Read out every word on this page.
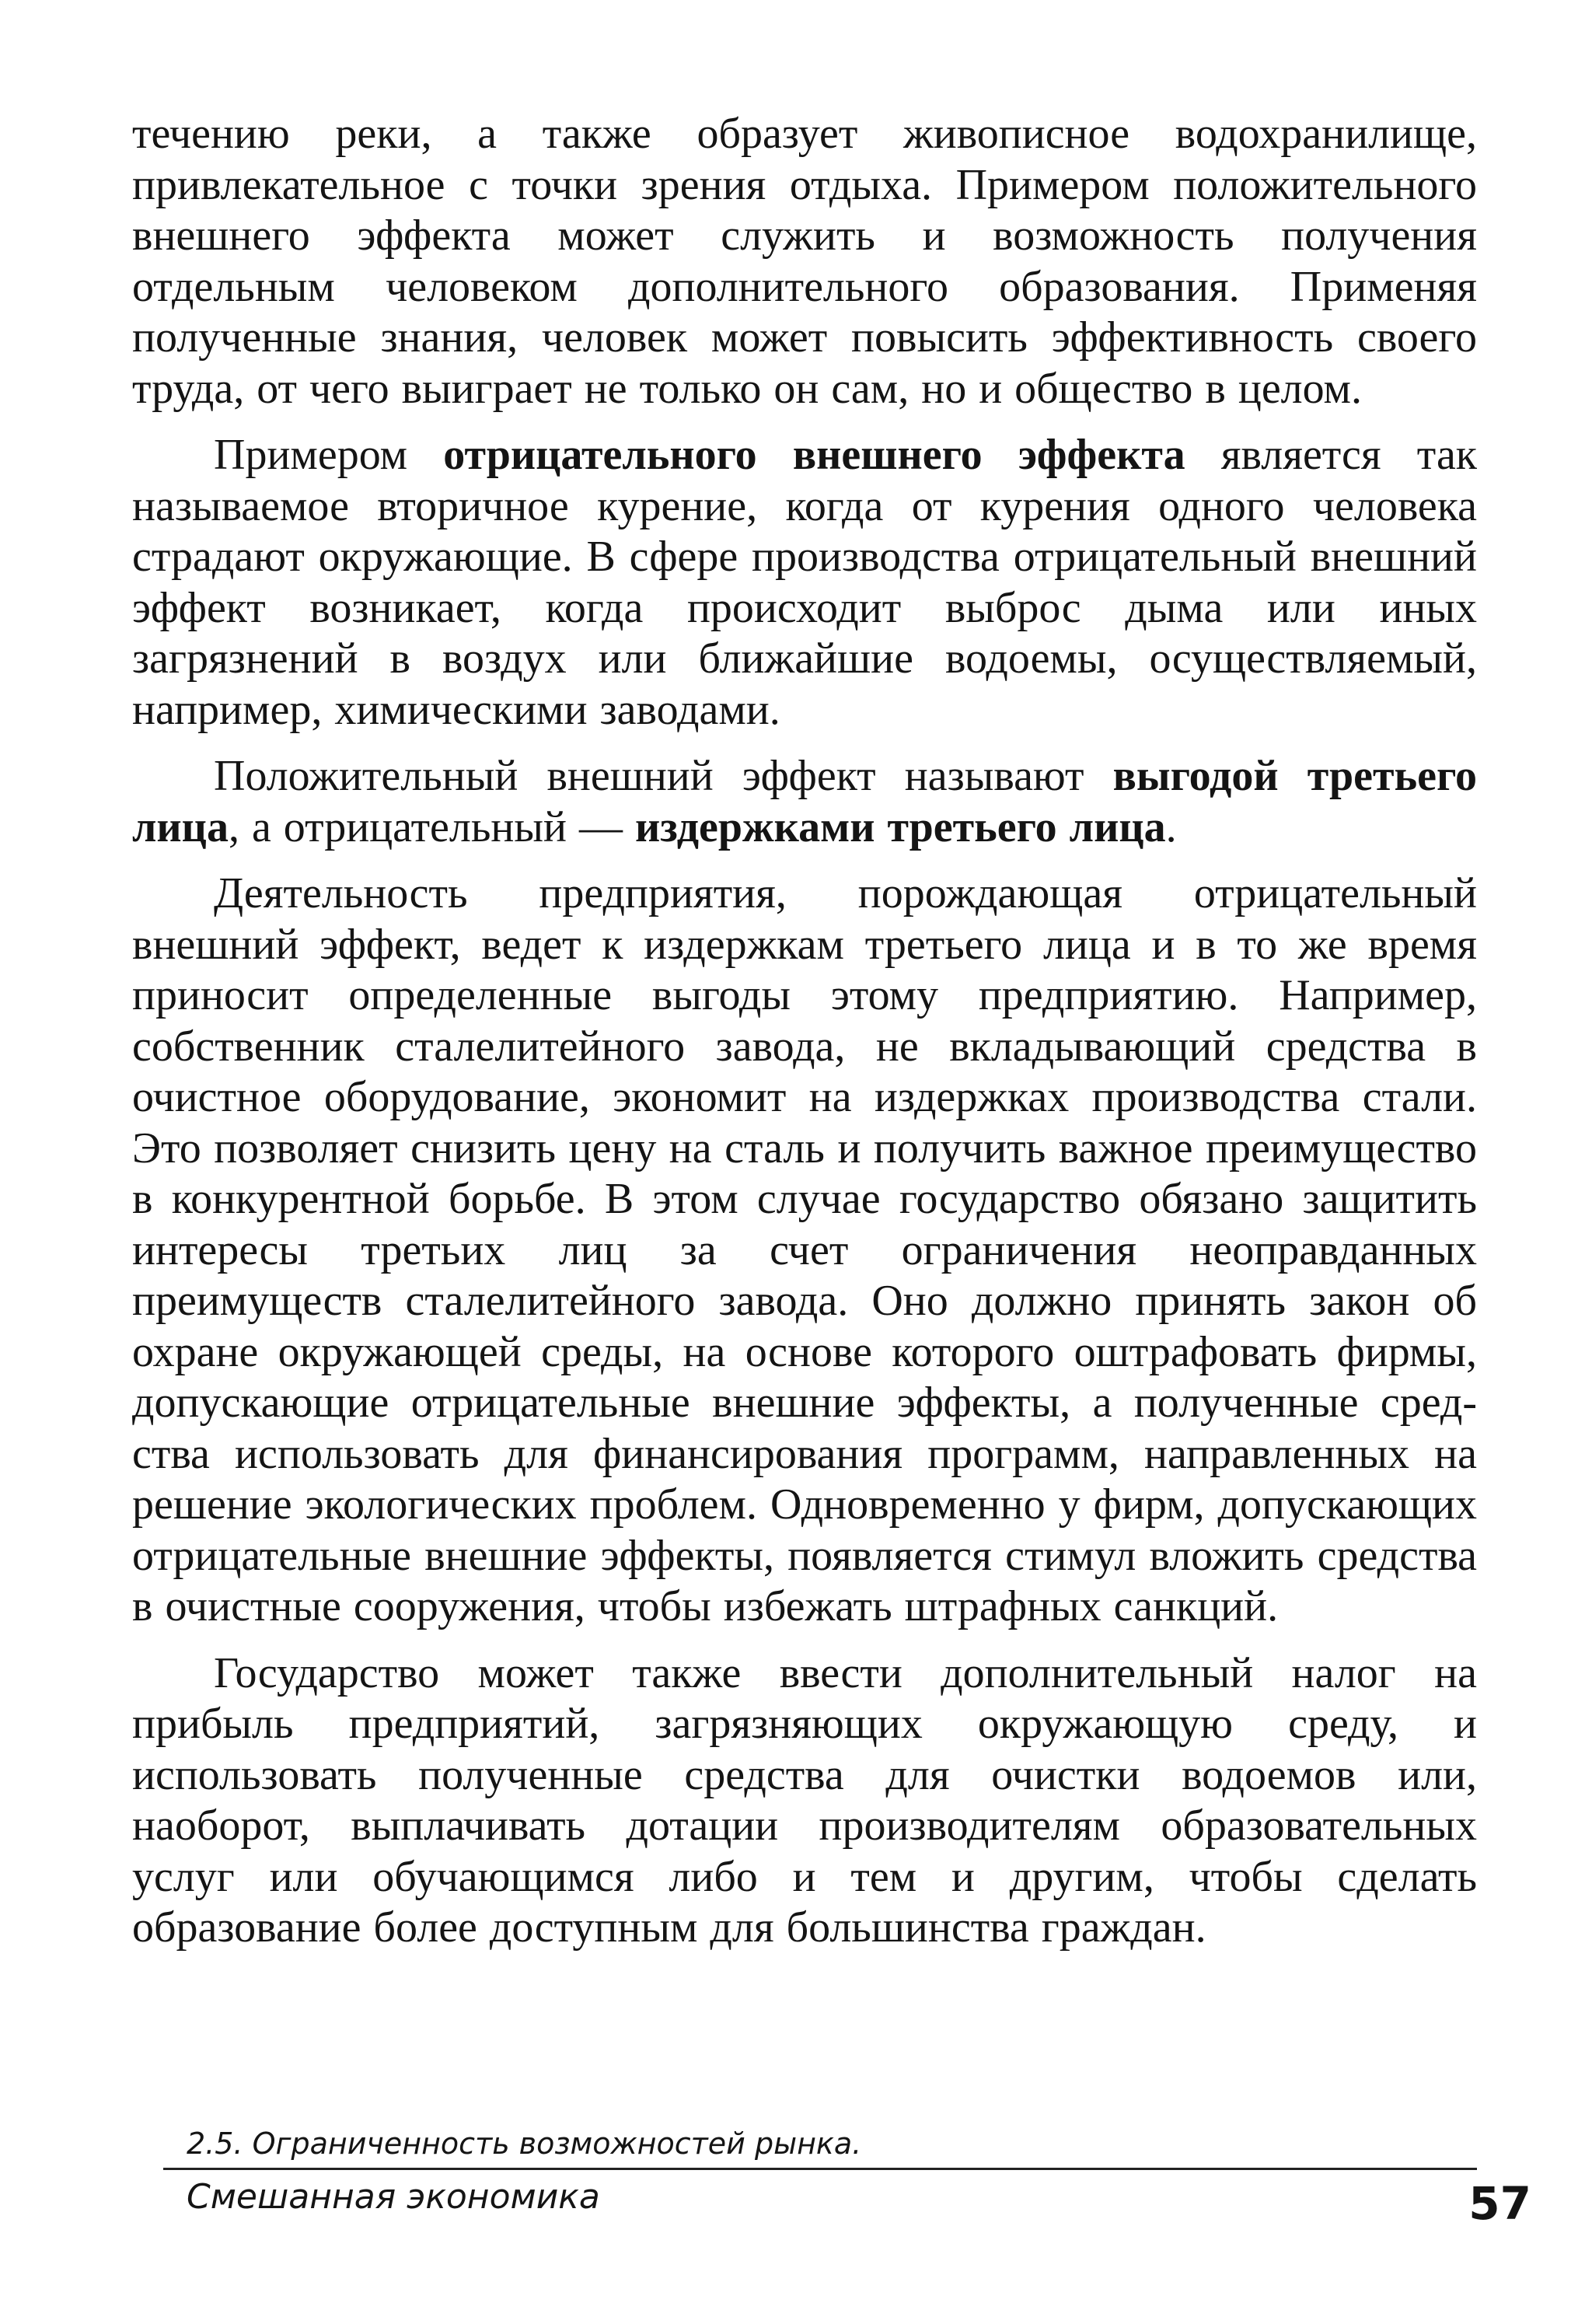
течению реки, а также образует живописное водохранилище, привлекательное с точки зрения отдыха. Примером положительного внешнего эффекта может служить и возможность получения отдельным человеком дополнительного образования. Применяя полученные знания, человек может повысить эффективность своего труда, от чего выиграет не только он сам, но и общество в целом.

Примером отрицательного внешнего эффекта является так называемое вторичное курение, когда от курения одного человека страдают окружающие. В сфере производства отрицательный внешний эффект возникает, когда происходит выброс дыма или иных загрязнений в воздух или ближайшие водоемы, осуществляемый, например, химическими заводами.

Положительный внешний эффект называют выгодой третьего лица, а отрицательный — издержками третьего лица.

Деятельность предприятия, порождающая отрицательный внешний эффект, ведет к издержкам третьего лица и в то же время приносит определенные выгоды этому предприятию. Например, собственник сталелитейного завода, не вкладывающий средства в очистное оборудование, экономит на издержках производства стали. Это позволяет снизить цену на сталь и получить важное преимущество в конкурентной борьбе. В этом случае государство обязано защитить интересы третьих лиц за счет ограничения неоправданных преимуществ сталелитейного завода. Оно должно принять закон об охране окружающей среды, на основе которого оштрафовать фирмы, допускающие отрицательные внешние эффекты, а полученные средства использовать для финансирования программ, направленных на решение экологических проблем. Одновременно у фирм, допускающих отрицательные внешние эффекты, появляется стимул вложить средства в очистные сооружения, чтобы избежать штрафных санкций.

Государство может также ввести дополнительный налог на прибыль предприятий, загрязняющих окружающую среду, и использовать полученные средства для очистки водоемов или, наоборот, выплачивать дотации производителям образовательных услуг или обучающимся либо и тем и другим, чтобы сделать образование более доступным для большинства граждан.

2.5. Ограниченность возможностей рынка.
Смешанная экономика	57
